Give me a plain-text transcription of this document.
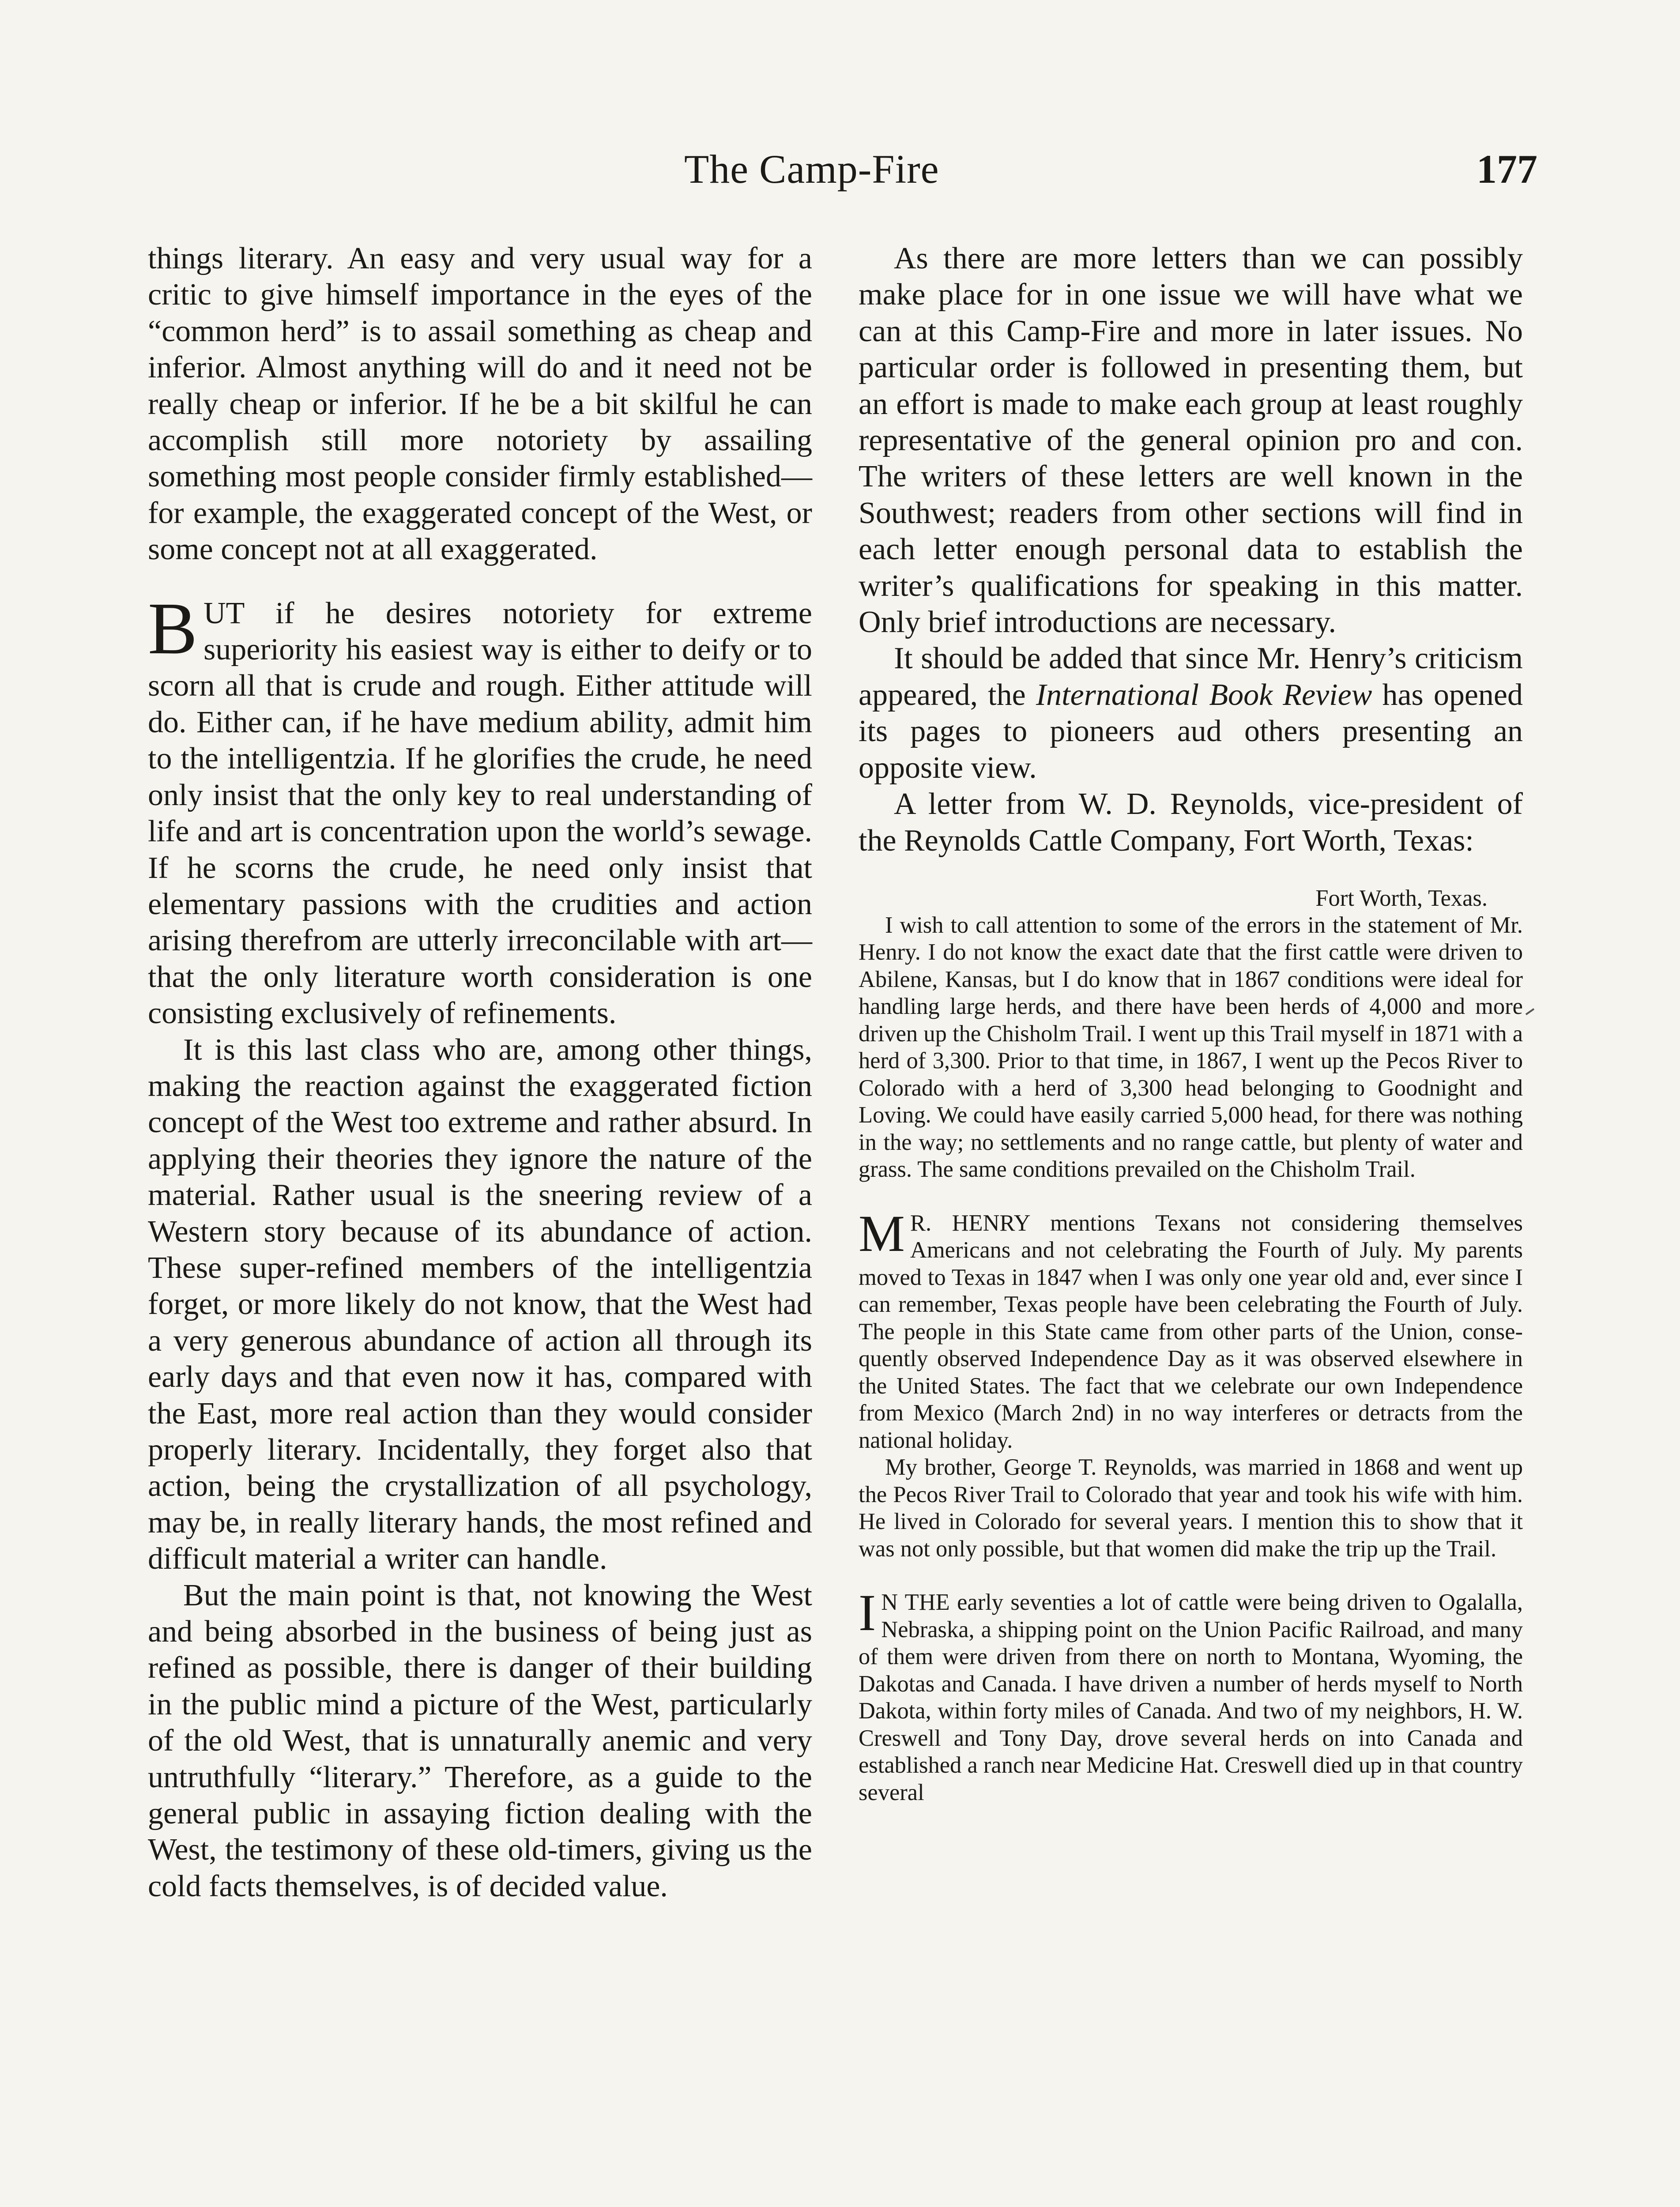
The Camp-Fire	177

things literary. An easy and very usual way for a critic to give himself importance in the eyes of the “common herd” is to assail something as cheap and inferior. Almost anything will do and it need not be really cheap or inferior. If he be a bit skilful he can accomplish still more notoriety by assailing something most people consider firmly established—for example, the exaggerated concept of the West, or some concept not at all exaggerated.

BUT if he desires notoriety for extreme superiority his easiest way is either to deify or to scorn all that is crude and rough. Either attitude will do. Either can, if he have medium ability, admit him to the intelligentzia. If he glorifies the crude, he need only insist that the only key to real understanding of life and art is concentration upon the world’s sewage. If he scorns the crude, he need only insist that elementary passions with the crudities and action arising therefrom are utterly irreconcilable with art—that the only literature worth consideration is one consisting exclusively of refinements.

It is this last class who are, among other things, making the reaction against the exaggerated fiction concept of the West too extreme and rather absurd. In applying their theories they ignore the nature of the material. Rather usual is the sneering review of a Western story because of its abundance of action. These super-refined members of the intelligentzia forget, or more likely do not know, that the West had a very generous abundance of action all through its early days and that even now it has, compared with the East, more real action than they would consider properly literary. Incidentally, they forget also that action, being the crystallization of all psychology, may be, in really literary hands, the most refined and difficult material a writer can handle.

But the main point is that, not knowing the West and being absorbed in the business of being just as refined as possible, there is danger of their building in the public mind a picture of the West, particularly of the old West, that is unnaturally anemic and very untruthfully “literary.” Therefore, as a guide to the general public in assaying fiction dealing with the West, the testimony of these old-timers, giving us the cold facts themselves, is of decided value.

As there are more letters than we can possibly make place for in one issue we will have what we can at this Camp-Fire and more in later issues. No particular order is followed in presenting them, but an effort is made to make each group at least roughly representative of the general opinion pro and con. The writers of these letters are well known in the Southwest; readers from other sections will find in each letter enough personal data to establish the writer’s qualifications for speaking in this matter. Only brief introductions are necessary.

It should be added that since Mr. Henry’s criticism appeared, the International Book Review has opened its pages to pioneers aud others presenting an opposite view.

A letter from W. D. Reynolds, vice-president of the Reynolds Cattle Company, Fort Worth, Texas:

Fort Worth, Texas.

I wish to call attention to some of the errors in the statement of Mr. Henry. I do not know the exact date that the first cattle were driven to Abilene, Kansas, but I do know that in 1867 conditions were ideal for handling large herds, and there have been herds of 4,000 and more driven up the Chisholm Trail. I went up this Trail myself in 1871 with a herd of 3,300. Prior to that time, in 1867, I went up the Pecos River to Colorado with a herd of 3,300 head belonging to Goodnight and Loving. We could have easily carried 5,000 head, for there was nothing in the way; no settlements and no range cattle, but plenty of water and grass. The same conditions prevailed on the Chisholm Trail.

M R. HENRY mentions Texans not considering themselves Americans and not celebrating the Fourth of July. My parents moved to Texas in 1847 when I was only one year old and, ever since I can remember, Texas people have been celebrating the Fourth of July. The people in this State came from other parts of the Union, consequently observed Independence Day as it was observed elsewhere in the United States. The fact that we celebrate our own Independence from Mexico (March 2nd) in no way interferes or detracts from the national holiday.

My brother, George T. Reynolds, was married in 1868 and went up the Pecos River Trail to Colorado that year and took his wife with him. He lived in Colorado for several years. I mention this to show that it was not only possible, but that women did make the trip up the Trail.

I N THE early seventies a lot of cattle were being driven to Ogalalla, Nebraska, a shipping point on the Union Pacific Railroad, and many of them were driven from there on north to Montana, Wyoming, the Dakotas and Canada. I have driven a number of herds myself to North Dakota, within forty miles of Canada. And two of my neighbors, H. W. Creswell and Tony Day, drove several herds on into Canada and established a ranch near Medicine Hat. Creswell died up in that country several
